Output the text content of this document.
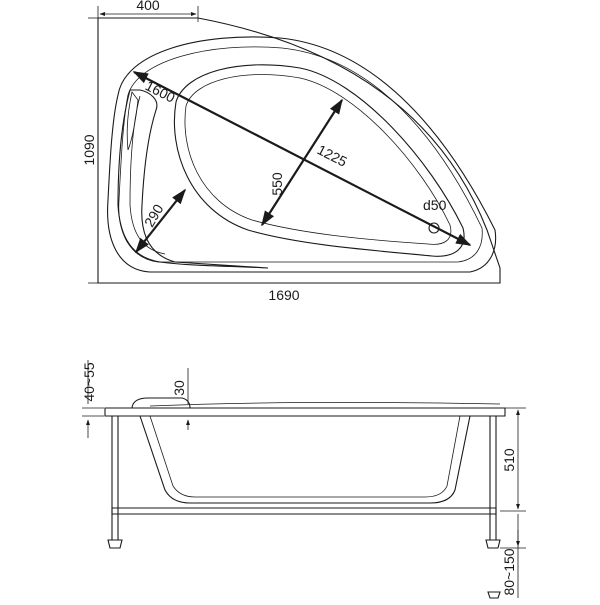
400
1090
1690
1600
1225
550
290	d50
40~55	30
510
80~150
